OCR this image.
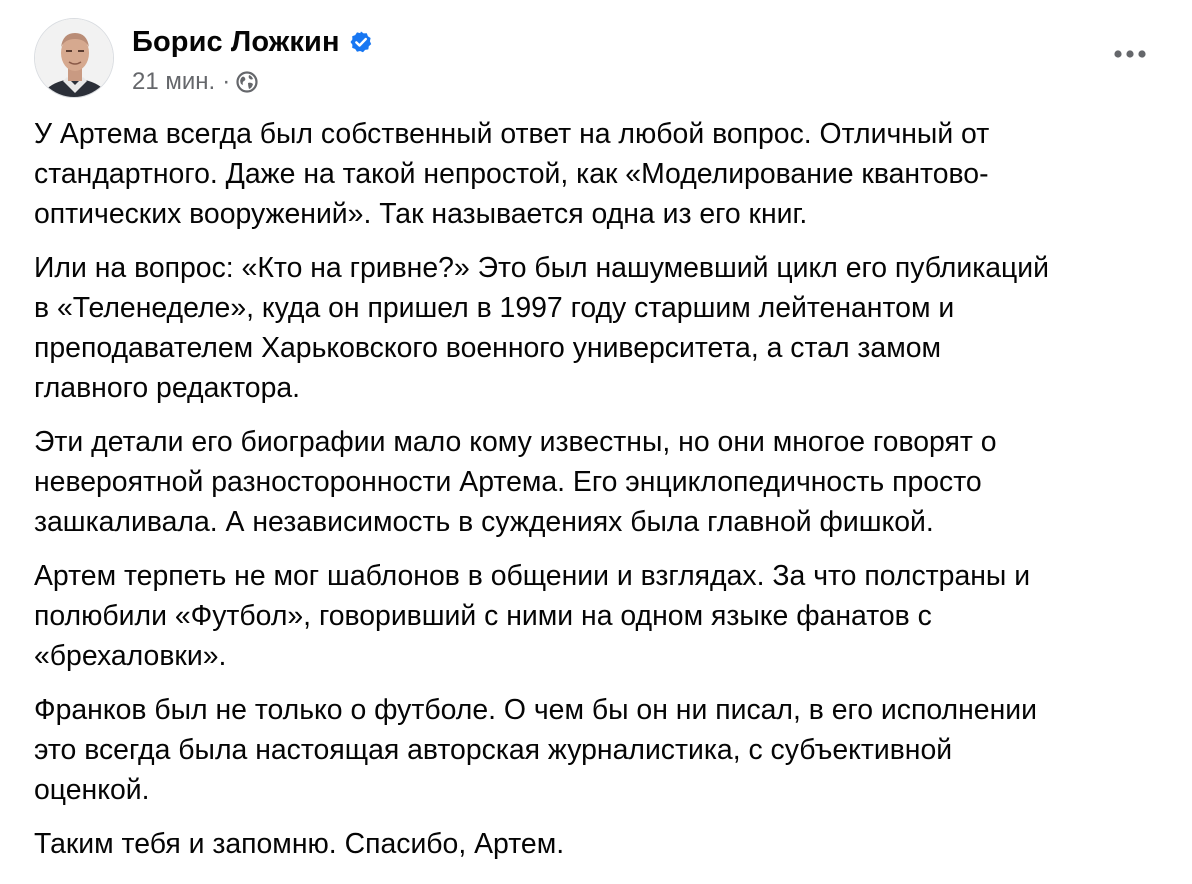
Борис Ложкин
21 мин. ·

У Артема всегда был собственный ответ на любой вопрос. Отличный от
стандартного. Даже на такой непростой, как «Моделирование квантово-
оптических вооружений». Так называется одна из его книг.

Или на вопрос: «Кто на гривне?» Это был нашумевший цикл его публикаций
в «Теленеделе», куда он пришел в 1997 году старшим лейтенантом и
преподавателем Харьковского военного университета, а стал замом
главного редактора.

Эти детали его биографии мало кому известны, но они многое говорят о
невероятной разносторонности Артема. Его энциклопедичность просто
зашкаливала. А независимость в суждениях была главной фишкой.

Артем терпеть не мог шаблонов в общении и взглядах. За что полстраны и
полюбили «Футбол», говоривший с ними на одном языке фанатов с
«брехаловки».

Франков был не только о футболе. О чем бы он ни писал, в его исполнении
это всегда была настоящая авторская журналистика, с субъективной
оценкой.

Таким тебя и запомню. Спасибо, Артем.
